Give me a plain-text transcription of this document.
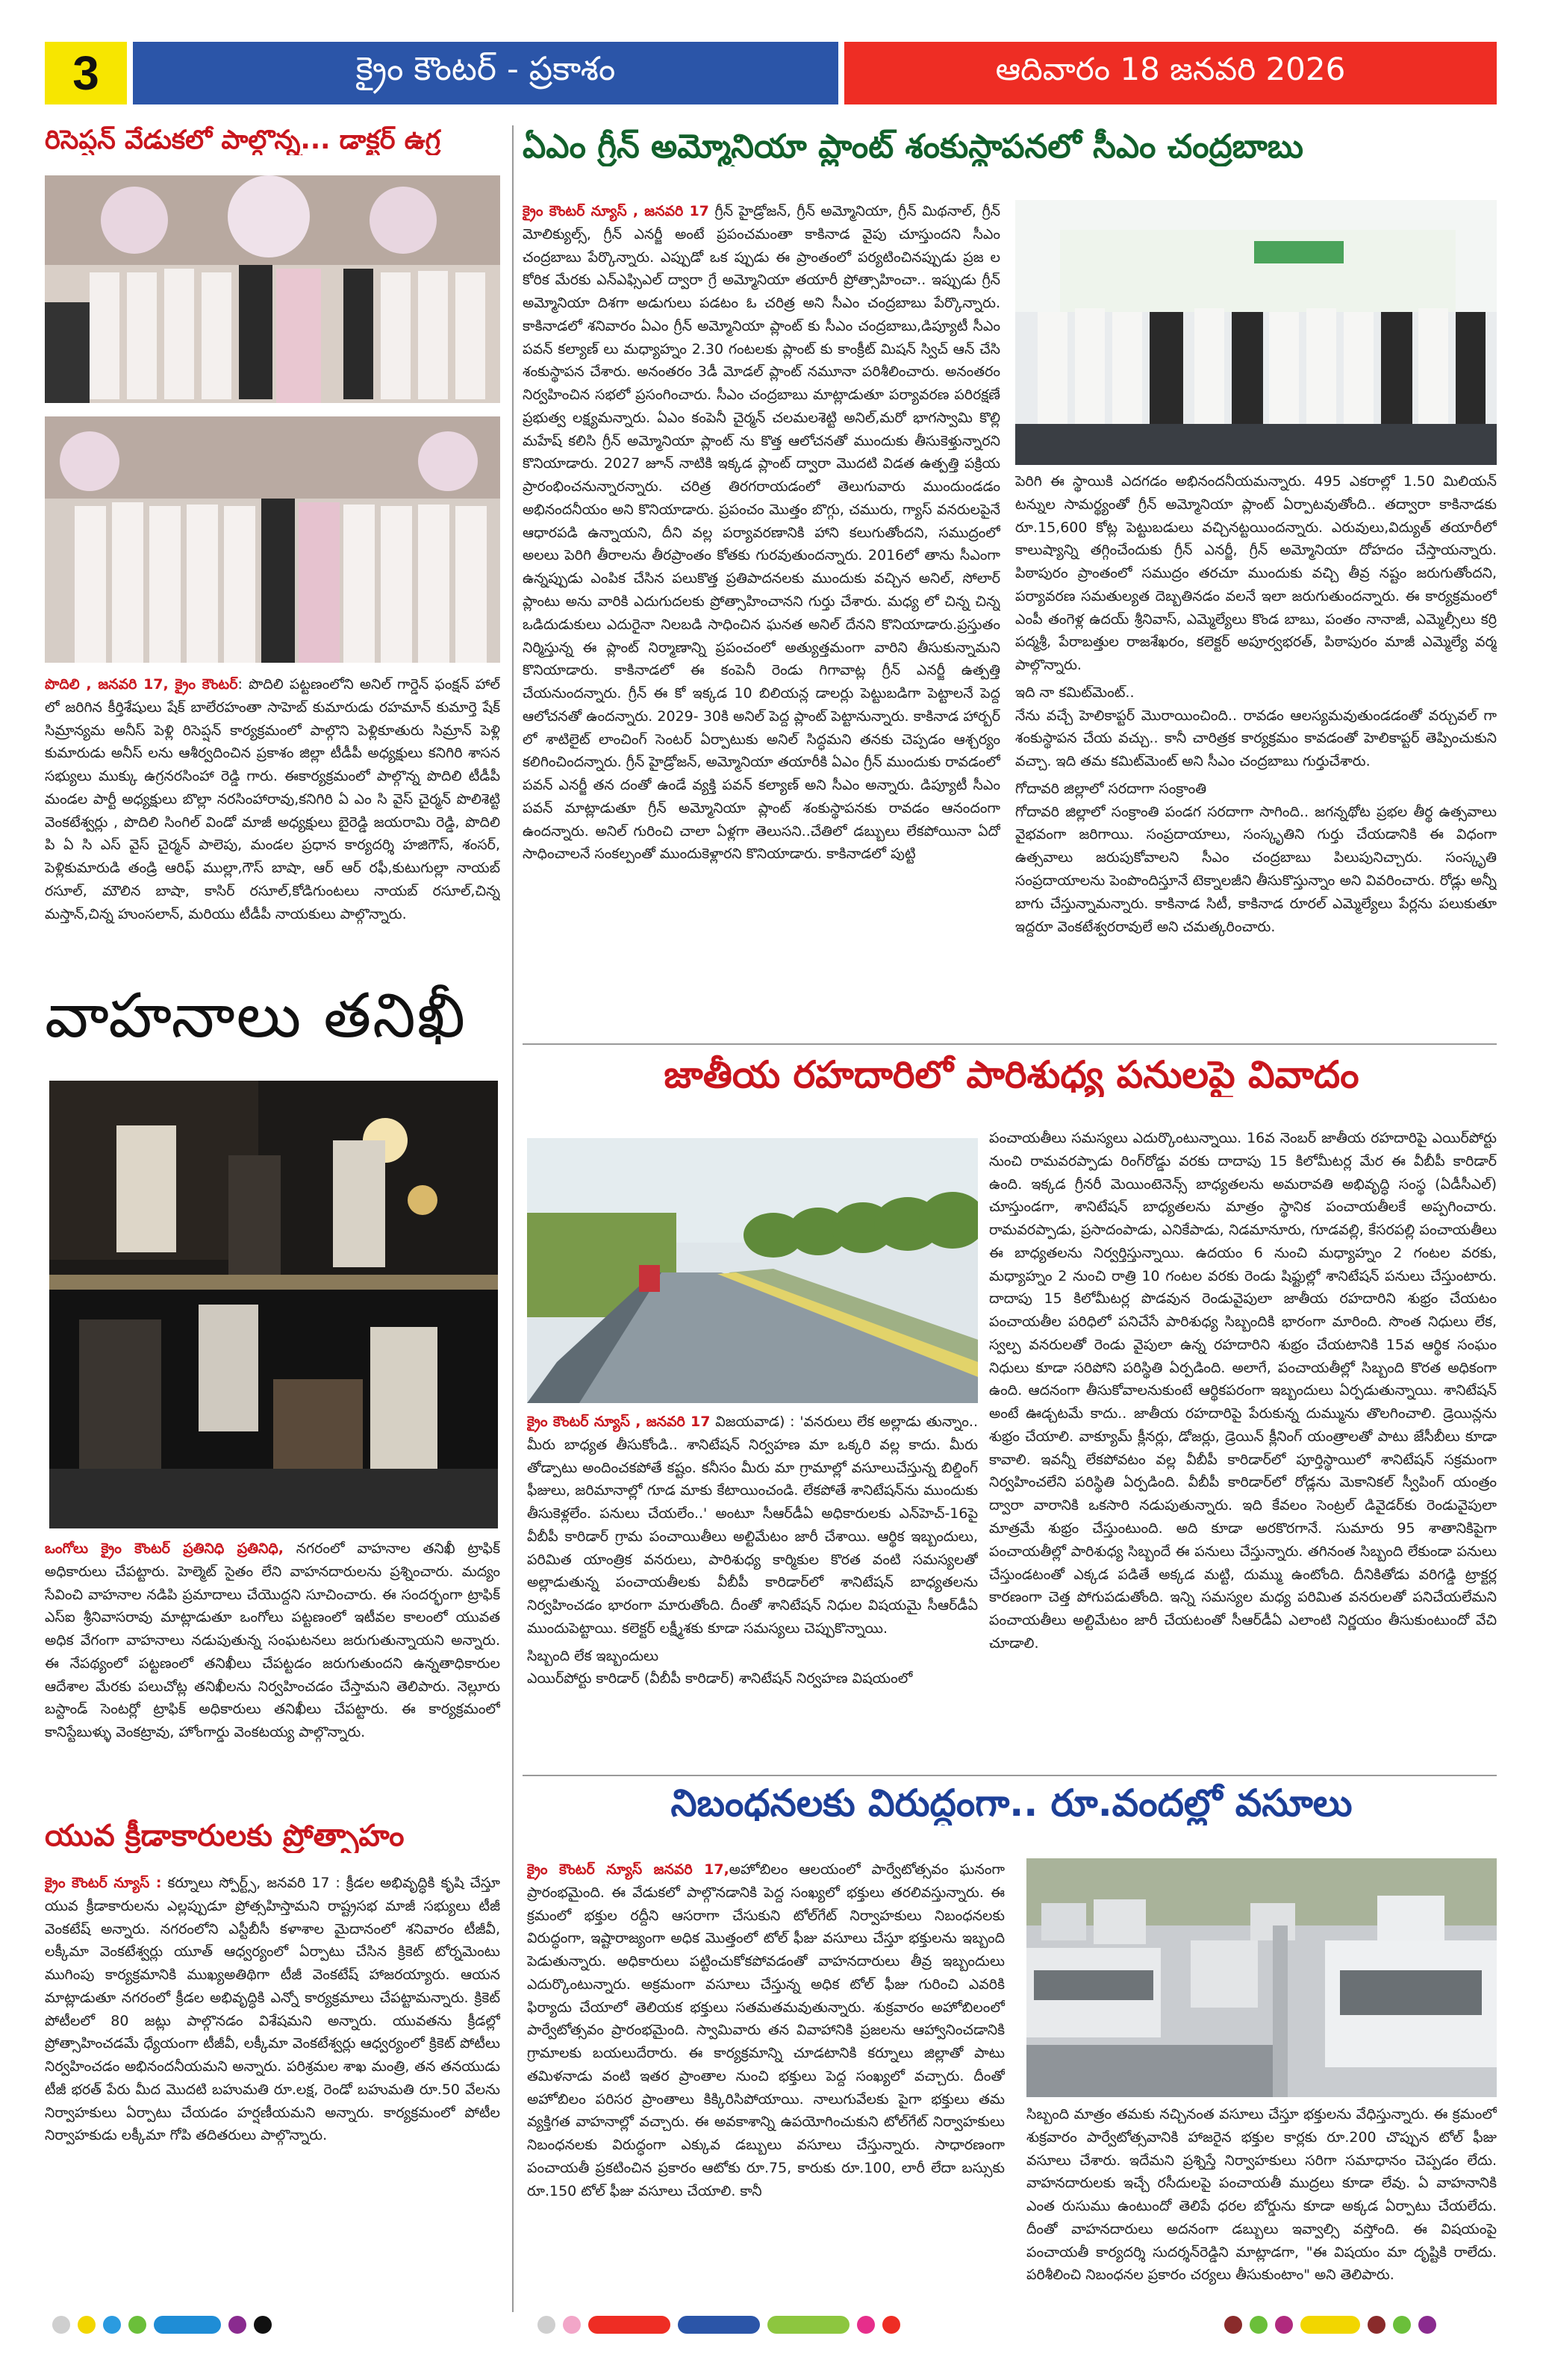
3	క్రైం కౌంటర్ - ప్రకాశం	ఆదివారం 18 జనవరి 2026
రిసెప్షన్ వేడుకలో పాల్గొన్న... డాక్టర్ ఉగ్ర

పొదిలి , జనవరి 17, క్రైం కౌంటర్: పొదిలి పట్టణంలోని అనిల్ గార్డెన్ ఫంక్షన్ హాల్ లో జరిగిన కీర్తిశేషులు షేక్ బాలేరహంతా సాహెబ్ కుమారుడు రహమాన్ కుమార్తె షేక్ సిమ్రాన్యమ అనీస్ పెళ్లి రిసెప్షన్ కార్యక్రమంలో పాల్గొని పెళ్లికూతురు సిమ్రాన్ పెళ్లి కుమారుడు అనీస్ లను ఆశీర్వదించిన ప్రకాశం జిల్లా టీడీపీ అధ్యక్షులు కనిగిరి శాసన సభ్యులు ముక్కు ఉగ్రనరసింహా రెడ్డి గారు. ఈకార్యక్రమంలో పాల్గొన్న పొదిలి టీడీపీ మండల పార్టీ అధ్యక్షులు బొల్లా నరసింహారావు,కనిగిరి ఏ ఎం సి వైస్ చైర్మన్ పొలిశెట్టి వెంకటేశ్వర్లు , పొదిలి సింగిల్ విండో మాజీ అధ్యక్షులు బైరెడ్డి జయరామి రెడ్డి, పొదిలి పి ఏ సి ఎస్ వైస్ చైర్మన్ పాలెపు, మండల ప్రధాన కార్యదర్శి హజిగౌస్, శంసర్, పెళ్లికుమారుడి తండ్రి ఆరిఫ్ ముల్లా,గౌస్ బాషా, ఆర్ ఆర్ రఫీ,కుటుగుల్లా నాయబ్ రసూల్, మౌలిన బాషా, కాసిర్ రసూల్,కోడిగుంటలు నాయబ్ రసూల్,చిన్న మస్తాన్,చిన్న హుంసలాన్, మరియు టీడీపీ నాయకులు పాల్గొన్నారు.

వాహనాలు తనిఖీ

ఒంగోలు క్రైం కౌంటర్ ప్రతినిధి ప్రతినిధి, నగరంలో వాహనాల తనిఖీ ట్రాఫిక్ అధికారులు చేపట్టారు. హెల్మెట్ సైతం లేని వాహనదారులను ప్రశ్నించారు. మద్యం సేవించి వాహనాల నడిపి ప్రమాదాలు చేయొద్దని సూచించారు. ఈ సందర్భంగా ట్రాఫిక్ ఎస్ఐ శ్రీనివాసరావు మాట్లాడుతూ ఒంగోలు పట్టణంలో ఇటీవల కాలంలో యువత అధిక వేగంగా వాహనాలు నడుపుతున్న సంఘటనలు జరుగుతున్నాయని అన్నారు. ఈ నేపథ్యంలో పట్టణంలో తనిఖీలు చేపట్టడం జరుగుతుందని ఉన్నతాధికారుల ఆదేశాల మేరకు పలుచోట్ల తనిఖీలను నిర్వహించడం చేస్తామని తెలిపారు. నెల్లూరు బస్టాండ్ సెంటర్లో ట్రాఫిక్ అధికారులు తనిఖీలు చేపట్టారు. ఈ కార్యక్రమంలో కానిస్టేబుళ్ళు వెంకట్రావు, హోంగార్డు వెంకటయ్య పాల్గొన్నారు.

యువ క్రీడాకారులకు ప్రోత్సాహం

క్రైం కౌంటర్ న్యూస్ : కర్నూలు స్పోర్ట్స్, జనవరి 17 : క్రీడల అభివృద్ధికి కృషి చేస్తూ యువ క్రీడాకారులను ఎల్లప్పుడూ ప్రోత్సహిస్తామని రాష్ట్రసభ మాజీ సభ్యులు టీజీ వెంకటేష్ అన్నారు. నగరంలోని ఎస్టీబీసీ కళాశాల మైదానంలో శనివారం టీజీవీ, లక్కీమా వెంకటేశ్వర్లు యూత్ ఆధ్వర్యంలో ఏర్పాటు చేసిన క్రికెట్ టోర్నమెంటు ముగింపు కార్యక్రమానికి ముఖ్యఅతిథిగా టీజీ వెంకటేష్ హాజరయ్యారు. ఆయన మాట్లాడుతూ నగరంలో క్రీడల అభివృద్ధికి ఎన్నో కార్యక్రమాలు చేపట్టామన్నారు. క్రికెట్ పోటీలలో 80 జట్లు పాల్గొనడం విశేషమని అన్నారు. యువతను క్రీడల్లో ప్రోత్సాహించడమే ధ్యేయంగా టీజీవీ, లక్కీమా వెంకటేశ్వర్లు ఆధ్వర్యంలో క్రికెట్ పోటీలు నిర్వహించడం అభినందనీయమని అన్నారు. పరిశ్రమల శాఖ మంత్రి, తన తనయుడు టీజీ భరత్ పేరు మీద మొదటి బహుమతి రూ.లక్ష, రెండో బహుమతి రూ.50 వేలను నిర్వాహకులు ఏర్పాటు చేయడం హర్షణీయమని అన్నారు. కార్యక్రమంలో పోటీల నిర్వాహకుడు లక్కీమా గోపి తదితరులు పాల్గొన్నారు.

ఏఎం గ్రీన్ అమ్మోనియా ప్లాంట్ శంకుస్థాపనలో సీఎం చంద్రబాబు

క్రైం కౌంటర్ న్యూస్ , జనవరి 17 గ్రీన్ హైడ్రోజన్, గ్రీన్ అమ్మోనియా, గ్రీన్ మిథనాల్, గ్రీన్ మోలిక్యుల్స్, గ్రీన్ ఎనర్జీ అంటే ప్రపంచమంతా కాకినాడ వైపు చూస్తుందని సీఎం చంద్రబాబు పేర్కొన్నారు. ఎప్పుడో ఒక ప్పుడు ఈ ప్రాంతంలో పర్యటించినప్పుడు ప్రజ ల కోరిక మేరకు ఎన్ఎఫ్సిఎల్ ద్వారా గ్రే అమ్మోనియా తయారీ ప్రోత్సాహించా.. ఇప్పుడు గ్రీన్ అమ్మోనియా దిశగా అడుగులు పడటం ఓ చరిత్ర అని సీఎం చంద్రబాబు పేర్కొన్నారు. కాకినాడలో శనివారం ఏఎం గ్రీన్ అమ్మోనియా ప్లాంట్ కు సీఎం చంద్రబాబు,డిప్యూటీ సీఎం పవన్ కల్యాణ్ లు మధ్యాహ్నం 2.30 గంటలకు ప్లాంట్ కు కాంక్రీట్ మిషన్ స్విచ్ ఆన్ చేసి శంకుస్థాపన చేశారు. అనంతరం 3డీ మోడల్ ప్లాంట్ నమూనా పరిశీలించారు. అనంతరం నిర్వహించిన సభలో ప్రసంగించారు. సీఎం చంద్రబాబు మాట్లాడుతూ పర్యావరణ పరిరక్షణే ప్రభుత్వ లక్ష్యమన్నారు. ఏఎం కంపెనీ చైర్మన్ చలమలశెట్టి అనిల్,మరో భాగస్వామి కొల్లి మహేష్ కలిసి గ్రీన్ అమ్మోనియా ప్లాంట్ ను కొత్త ఆలోచనతో ముందుకు తీసుకెళ్తున్నారని కొనియాడారు. 2027 జూన్ నాటికి ఇక్కడ ప్లాంట్ ద్వారా మొదటి విడత ఉత్పత్తి పక్రియ ప్రారంభించనున్నారన్నారు. చరిత్ర తిరగరాయడంలో తెలుగువారు ముందుండడం అభినందనీయం అని కొనియాడారు. ప్రపంచం మొత్తం బొగ్గు, చమురు, గ్యాస్ వనరులపైనే ఆధారపడి ఉన్నాయని, దీని వల్ల పర్యావరణానికి హాని కలుగుతోందని, సముద్రంలో అలలు పెరిగి తీరాలను తీరప్రాంతం కోతకు గురవుతుందన్నారు. 2016లో తాను సీఎంగా ఉన్నప్పుడు ఎంపిక చేసిన పలుకొత్త ప్రతిపాదనలకు ముందుకు వచ్చిన అనిల్, సోలార్ ప్లాంటు అను వారికి ఎదుగుదలకు ప్రోత్సాహించానని గుర్తు చేశారు. మధ్య లో చిన్న చిన్న ఒడిదుడుకులు ఎదురైనా నిలబడి సాధించిన ఘనత అనిల్ దేనని కొనియాడారు.ప్రస్తుతం నిర్మిస్తున్న ఈ ప్లాంట్ నిర్మాణాన్ని ప్రపంచంలో అత్యుత్తమంగా వారిని తీసుకున్నామని కొనియాడారు. కాకినాడలో ఈ కంపెనీ రెండు గిగావాట్ల గ్రీన్ ఎనర్జీ ఉత్పత్తి చేయనుందన్నారు. గ్రీన్ ఈ కో ఇక్కడ 10 బిలియన్ల డాలర్లు పెట్టుబడిగా పెట్టాలనే పెద్ద ఆలోచనతో ఉందన్నారు. 2029- 30కి అనిల్ పెద్ద ప్లాంట్ పెట్టానున్నారు. కాకినాడ హార్బర్ లో శాటిలైట్ లాంచింగ్ సెంటర్ ఏర్పాటుకు అనిల్ సిద్ధమని తనకు చెప్పడం ఆశ్చర్యం కలిగించిందన్నారు. గ్రీన్ హైడ్రోజన్, అమ్మోనియా తయారీకి ఏఎం గ్రీన్ ముందుకు రావడంలో పవన్ ఎనర్జీ తన దంతో ఉండే వ్యక్తి పవన్ కల్యాణ్ అని సీఎం అన్నారు. డిప్యూటీ సీఎం పవన్ మాట్లాడుతూ గ్రీన్ అమ్మోనియా ప్లాంట్ శంకుస్థాపనకు రావడం ఆనందంగా ఉందన్నారు. అనిల్ గురించి చాలా ఏళ్లగా తెలుసని..చేతిలో డబ్బులు లేకపోయినా ఏదో సాధించాలనే సంకల్పంతో ముందుకెళ్లారని కొనియాడారు. కాకినాడలో పుట్టి

పెరిగి ఈ స్థాయికి ఎదగడం అభినందనీయమన్నారు. 495 ఎకరాల్లో 1.50 మిలియన్ టన్నుల సామర్థ్యంతో గ్రీన్ అమ్మోనియా ప్లాంట్ ఏర్పాటవుతోంది.. తద్వారా కాకినాడకు రూ.15,600 కోట్ల పెట్టుబడులు వచ్చినట్టయిందన్నారు. ఎరువులు,విద్యుత్ తయారీలో కాలుష్యాన్ని తగ్గించేందుకు గ్రీన్ ఎనర్జీ, గ్రీన్ అమ్మోనియా దోహదం చేస్తాయన్నారు. పిఠాపురం ప్రాంతంలో సముద్రం తరచూ ముందుకు వచ్చి తీవ్ర నష్టం జరుగుతోందని, పర్యావరణ సమతుల్యత దెబ్బతినడం వలనే ఇలా జరుగుతుందన్నారు. ఈ కార్యక్రమంలో ఎంపీ తంగెళ్ల ఉదయ్ శ్రీనివాస్, ఎమ్మెల్యేలు కొండ బాబు, పంతం నానాజీ, ఎమ్మెల్సీలు కర్రి పద్మశ్రీ, పేరాబత్తుల రాజశేఖరం, కలెక్టర్ అపూర్వభరత్, పిఠాపురం మాజీ ఎమ్మెల్యే వర్మ పాల్గొన్నారు.

ఇది నా కమిట్‌మెంట్..

నేను వచ్చే హెలికాప్టర్ మొరాయించింది.. రావడం ఆలస్యమవుతుండడంతో వర్చువల్ గా శంకుస్థాపన చేయ వచ్చు.. కానీ చారిత్రక కార్యక్రమం కావడంతో హెలికాప్టర్ తెప్పించుకుని వచ్చా. ఇది తమ కమిట్‌మెంట్ అని సీఎం చంద్రబాబు గుర్తుచేశారు.

గోదావరి జిల్లాలో సరదాగా సంక్రాంతి

గోదావరి జిల్లాలో సంక్రాంతి పండగ సరదాగా సాగింది.. జగన్నథోట ప్రభల తీర్థ ఉత్సవాలు వైభవంగా జరిగాయి. సంప్రదాయాలు, సంస్కృతిని గుర్తు చేయడానికి ఈ విధంగా ఉత్సవాలు జరుపుకోవాలని సీఎం చంద్రబాబు పిలుపునిచ్చారు. సంస్కృతి సంప్రదాయాలను పెంపొందిస్తూనే టెక్నాలజీని తీసుకొస్తున్నాం అని వివరించారు. రోడ్లు అన్నీ బాగు చేస్తున్నామన్నారు. కాకినాడ సిటీ, కాకినాడ రూరల్ ఎమ్మెల్యేలు పేర్లను పలుకుతూ ఇద్దరూ వెంకటేశ్వరరావులే అని చమత్కరించారు.

జాతీయ రహదారిలో పారిశుధ్య పనులపై వివాదం

క్రైం కౌంటర్ న్యూస్ , జనవరి 17 విజయవాడ) : 'వనరులు లేక అల్లాడు తున్నాం.. మీరు బాధ్యత తీసుకోండి.. శానిటేషన్ నిర్వహణ మా ఒక్కరి వల్ల కాదు. మీరు తోడ్పాటు అందించకపోతే కష్టం. కనీసం మీరు మా గ్రామాల్లో వసూలుచేస్తున్న బిల్డింగ్ ఫీజులు, జరిమానాల్లో గూడ మాకు కేటాయించండి. లేకపోతే శానిటేషన్‌ను ముందుకు తీసుకెళ్లలేం. పనులు చేయలేం..' అంటూ సీఆర్‌డీఏ అధికారులకు ఎన్‌హెచ్-16పై వీబీపీ కారిడార్ గ్రామ పంచాయితీలు అల్టిమేటం జారీ చేశాయి. ఆర్థిక ఇబ్బందులు, పరిమిత యాంత్రిక వనరులు, పారిశుధ్య కార్మికుల కొరత వంటి సమస్యలతో అల్లాడుతున్న పంచాయతీలకు వీబీపీ కారిడార్‌లో శానిటేషన్ బాధ్యతలను నిర్వహించడం భారంగా మారుతోంది. దీంతో శానిటేషన్ నిధుల విషయమై సీఆర్‌డీఏ ముందుపెట్టాయి. కలెక్టర్ లక్ష్మీశకు కూడా సమస్యలు చెప్పుకొన్నాయి.

సిబ్బంది లేక ఇబ్బందులు

ఎయిర్‌పోర్టు కారిడార్ (వీబీపీ కారిడార్) శానిటేషన్ నిర్వహణ విషయంలో

పంచాయతీలు సమస్యలు ఎదుర్కొంటున్నాయి. 16వ నెంబర్ జాతీయ రహదారిపై ఎయిర్‌పోర్టు నుంచి రామవరప్పాడు రింగ్‌రోడ్డు వరకు దాదాపు 15 కిలోమీటర్ల మేర ఈ వీబీపీ కారిడార్ ఉంది. ఇక్కడ గ్రీనరీ మెయింటెనెన్స్ బాధ్యతలను అమరావతి అభివృద్ధి సంస్థ (ఏడీసీఎల్) చూస్తుండగా, శానిటేషన్ బాధ్యతలను మాత్రం స్థానిక పంచాయతీలకే అప్పగించారు. రామవరప్పాడు, ప్రసాదంపాడు, ఎనికేపాడు, నిడమానూరు, గూడవల్లి, కేసరపల్లి పంచాయతీలు ఈ బాధ్యతలను నిర్వర్తిస్తున్నాయి. ఉదయం 6 నుంచి మధ్యాహ్నం 2 గంటల వరకు, మధ్యాహ్నం 2 నుంచి రాత్రి 10 గంటల వరకు రెండు షిఫ్టుల్లో శానిటేషన్ పనులు చేస్తుంటారు. దాదాపు 15 కిలోమీటర్ల పొడవున రెండువైపులా జాతీయ రహదారిని శుభ్రం చేయటం పంచాయతీల పరిధిలో పనిచేసే పారిశుధ్య సిబ్బందికి భారంగా మారింది. సొంత నిధులు లేక, స్వల్ప వనరులతో రెండు వైపులా ఉన్న రహదారిని శుభ్రం చేయటానికి 15వ ఆర్థిక సంఘం నిధులు కూడా సరిపోని పరిస్థితి ఏర్పడింది. అలాగే, పంచాయతీల్లో సిబ్బంది కొరత అధికంగా ఉంది. ఆదనంగా తీసుకోవాలనుకుంటే ఆర్థికపరంగా ఇబ్బందులు ఏర్పడుతున్నాయి. శానిటేషన్ అంటే ఊడ్చటమే కాదు.. జాతీయ రహదారిపై పేరుకున్న దుమ్మును తొలగించాలి. డ్రెయిన్లను శుభ్రం చేయాలి. వాక్యూమ్ క్లీనర్లు, డోజర్లు, డ్రెయిన్ క్లీనింగ్ యంత్రాలతో పాటు జేసీబీలు కూడా కావాలి. ఇవన్నీ లేకపోవటం వల్ల వీబీపీ కారిడార్‌లో పూర్తిస్థాయిలో శానిటేషన్ సక్రమంగా నిర్వహించలేని పరిస్థితి ఏర్పడింది. వీబీపీ కారిడార్‌లో రోడ్లను మెకానికల్ స్వీపింగ్ యంత్రం ద్వారా వారానికి ఒకసారి నడుపుతున్నారు. ఇది కేవలం సెంట్రల్ డివైడర్‌కు రెండువైపులా మాత్రమే శుభ్రం చేస్తుంటుంది. అది కూడా అరకొరగానే. సుమారు 95 శాతానికిపైగా పంచాయతీల్లో పారిశుధ్య సిబ్బందే ఈ పనులు చేస్తున్నారు. తగినంత సిబ్బంది లేకుండా పనులు చేస్తుండటంతో ఎక్కడ పడితే అక్కడ మట్టి, దుమ్ము ఉంటోంది. దీనికితోడు వరిగడ్డి ట్రాక్టర్ల కారణంగా చెత్త పోగుపడుతోంది. ఇన్ని సమస్యల మధ్య పరిమిత వనరులతో పనిచేయలేమని పంచాయతీలు అల్టిమేటం జారీ చేయటంతో సీఆర్‌డీఏ ఎలాంటి నిర్ణయం తీసుకుంటుందో వేచి చూడాలి.

నిబంధనలకు విరుద్ధంగా.. రూ.వందల్లో వసూలు

క్రైం కౌంటర్ న్యూస్ జనవరి 17,అహోబిలం ఆలయంలో పార్వేటోత్సవం ఘనంగా ప్రారంభమైంది. ఈ వేడుకలో పాల్గొనడానికి పెద్ద సంఖ్యలో భక్తులు తరలివస్తున్నారు. ఈ క్రమంలో భక్తుల రద్దీని ఆసరాగా చేసుకుని టోల్‌గేట్ నిర్వాహకులు నిబంధనలకు విరుద్ధంగా, ఇష్టారాజ్యంగా అధిక మొత్తంలో టోల్ ఫీజు వసూలు చేస్తూ భక్తులను ఇబ్బంది పెడుతున్నారు. అధికారులు పట్టించుకోకపోవడంతో వాహనదారులు తీవ్ర ఇబ్బందులు ఎదుర్కొంటున్నారు. అక్రమంగా వసూలు చేస్తున్న అధిక టోల్ ఫీజు గురించి ఎవరికి ఫిర్యాదు చేయాలో తెలియక భక్తులు సతమతమవుతున్నారు. శుక్రవారం అహోబిలంలో పార్వేటోత్సవం ప్రారంభమైంది. స్వామివారు తన వివాహానికి ప్రజలను ఆహ్వానించడానికి గ్రామాలకు బయలుదేరారు. ఈ కార్యక్రమాన్ని చూడటానికి కర్నూలు జిల్లాతో పాటు తమిళనాడు వంటి ఇతర ప్రాంతాల నుంచి భక్తులు పెద్ద సంఖ్యలో వచ్చారు. దీంతో అహోబిలం పరిసర ప్రాంతాలు కిక్కిరిసిపోయాయి. నాలుగువేలకు పైగా భక్తులు తమ వ్యక్తిగత వాహనాల్లో వచ్చారు. ఈ అవకాశాన్ని ఉపయోగించుకుని టోల్‌గేట్ నిర్వాహకులు నిబంధనలకు విరుద్ధంగా ఎక్కువ డబ్బులు వసూలు చేస్తున్నారు. సాధారణంగా పంచాయతీ ప్రకటించిన ప్రకారం ఆటోకు రూ.75, కారుకు రూ.100, లారీ లేదా బస్సుకు రూ.150 టోల్ ఫీజు వసూలు చేయాలి. కానీ

సిబ్బంది మాత్రం తమకు నచ్చినంత వసూలు చేస్తూ భక్తులను వేధిస్తున్నారు. ఈ క్రమంలో శుక్రవారం పార్వేటోత్సవానికి హాజరైన భక్తుల కార్లకు రూ.200 చొప్పున టోల్ ఫీజు వసూలు చేశారు. ఇదేమని ప్రశ్నిస్తే నిర్వాహకులు సరిగా సమాధానం చెప్పడం లేదు. వాహనదారులకు ఇచ్చే రసీదులపై పంచాయతీ ముద్రలు కూడా లేవు. ఏ వాహనానికి ఎంత రుసుము ఉంటుందో తెలిపే ధరల బోర్డును కూడా అక్కడ ఏర్పాటు చేయలేదు. దీంతో వాహనదారులు అదనంగా డబ్బులు ఇవ్వాల్సి వస్తోంది. ఈ విషయంపై పంచాయతీ కార్యదర్శి సుదర్శన్‌రెడ్డిని మాట్లాడగా, "ఈ విషయం మా దృష్టికి రాలేదు. పరిశీలించి నిబంధనల ప్రకారం చర్యలు తీసుకుంటాం" అని తెలిపారు.
